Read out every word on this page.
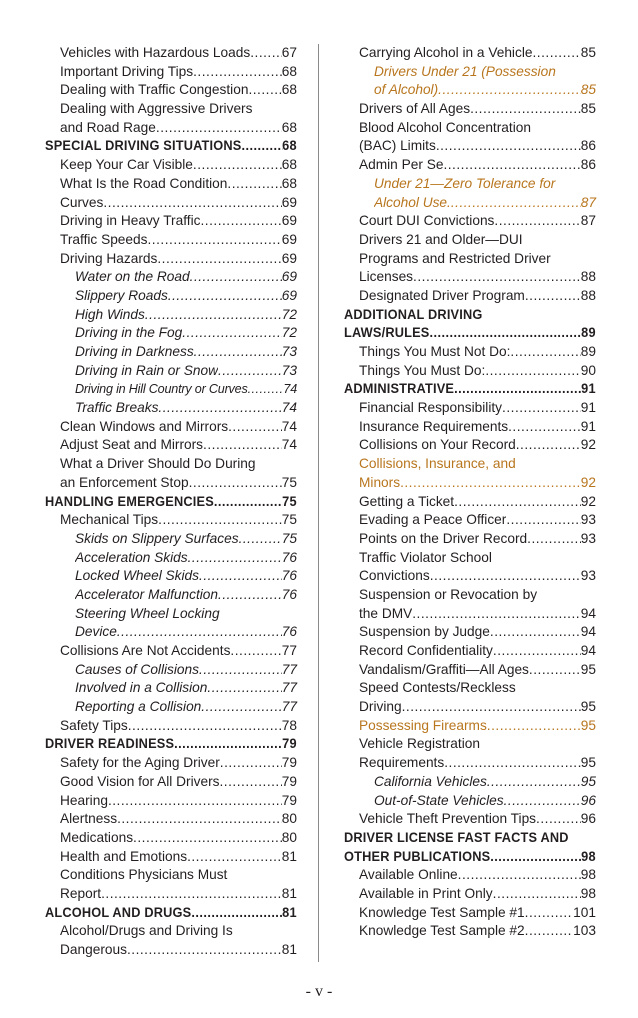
Vehicles with Hazardous Loads ..... 67
Important Driving Tips .....	68
Dealing with Traffic Congestion ..... 68
Dealing with Aggressive Drivers
and Road Rage .....	68
SPECIAL DRIVING SITUATIONS .....	68
Keep Your Car Visible .....	68
What Is the Road Condition .....	68
Curves .....	69
Driving in Heavy Traffic .....	69
Traffic Speeds .....	69
Driving Hazards .....	69
Water on the Road .....	69
Slippery Roads .....	69
High Winds .....	72
Driving in the Fog .....	72
Driving in Darkness .....	73
Driving in Rain or Snow .....	73
Driving in Hill Country or Curves .....	74
Traffic Breaks .....	74
Clean Windows and Mirrors .....	74
Adjust Seat and Mirrors .....	74
What a Driver Should Do During
an Enforcement Stop .....	75
HANDLING EMERGENCIES .....	75
Mechanical Tips .....	75
Skids on Slippery Surfaces .....	75
Acceleration Skids .....	76
Locked Wheel Skids .....	76
Accelerator Malfunction .....	76
Steering Wheel Locking
Device .....	76
Collisions Are Not Accidents .....	77
Causes of Collisions .....	77
Involved in a Collision .....	77
Reporting a Collision .....	77
Safety Tips .....	78
DRIVER READINESS .....	79
Safety for the Aging Driver .....	79
Good Vision for All Drivers .....	79
Hearing .....	79
Alertness .....	80
Medications .....	80
Health and Emotions .....	81
Conditions Physicians Must
Report .....	81
ALCOHOL AND DRUGS .....	81
Alcohol/Drugs and Driving Is
Dangerous .....	81
Carrying Alcohol in a Vehicle .....	85
Drivers Under 21 (Possession
of Alcohol) .....	85
Drivers of All Ages .....	85
Blood Alcohol Concentration
(BAC) Limits .....	86
Admin Per Se .....	86
Under 21—Zero Tolerance for
Alcohol Use. .....	87
Court DUI Convictions .....	87
Drivers 21 and Older—DUI
Programs and Restricted Driver
Licenses .....	88
Designated Driver Program .....	88
ADDITIONAL DRIVING
LAWS/RULES .....	89
Things You Must Not Do: .....	89
Things You Must Do: .....	90
ADMINISTRATIVE .....	91
Financial Responsibility .....	91
Insurance Requirements .....	91
Collisions on Your Record .....	92
Collisions, Insurance, and
Minors .....	92
Getting a Ticket .....	92
Evading a Peace Officer .....	93
Points on the Driver Record .....	93
Traffic Violator School
Convictions .....	93
Suspension or Revocation by
the DMV .....	94
Suspension by Judge .....	94
Record Confidentiality .....	94
Vandalism/Graffiti—All Ages .....	95
Speed Contests/Reckless
Driving .....	95
Possessing Firearms .....	95
Vehicle Registration
Requirements .....	95
California Vehicles .....	95
Out-of-State Vehicles .....	96
Vehicle Theft Prevention Tips .....	96
DRIVER LICENSE FAST FACTS AND
OTHER PUBLICATIONS .....	98
Available Online .....	98
Available in Print Only .....	98
Knowledge Test Sample #1 .....	101
Knowledge Test Sample #2 .....	103
- v -
